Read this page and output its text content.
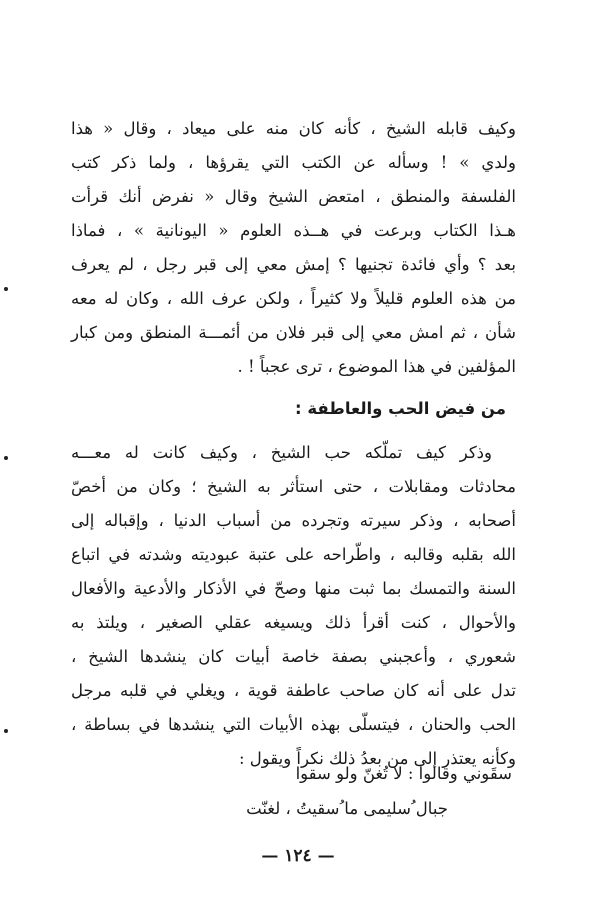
وكيف قابله الشيخ ، كأنه كان منه على ميعاد ، وقال « هذا
ولدي » ! وسأله عن الكتب التي يقرؤها ، ولما ذكر كتب
الفلسفة والمنطق ، امتعض الشيخ وقال « نفرض أنك قرأت
هـذا الكتاب وبرعت في هــذه العلوم « اليونانية » ، فماذا
بعد ؟ وأي فائدة تجنيها ؟ إمش معي إلى قبر رجل ، لم يعرف
من هذه العلوم قليلاً ولا كثيراً ، ولكن عرف الله ، وكان له معه
شأن ، ثم امش معي إلى قبر فلان من أئمـــة المنطق ومن كبار
المؤلفين في هذا الموضوع ، ترى عجباً ! .
من فيض الحب والعاطفة :
وذكر كيف تملّكه حب الشيخ ، وكيف كانت له معـــه
محادثات ومقابلات ، حتى استأثر به الشيخ ؛ وكان من أخصّ
أصحابه ، وذكر سيرته وتجرده من أسباب الدنيا ، وإقباله إلى
الله بقلبه وقالبه ، واطّراحه على عتبة عبوديته وشدته في اتباع
السنة والتمسك بما ثبت منها وصحّ في الأذكار والأدعية والأفعال
والأحوال ، كنت أقرأ ذلك ويسيغه عقلي الصغير ، ويلتذ به
شعوري ، وأعجبني بصفة خاصة أبيات كان ينشدها الشيخ ،
تدل على أنه كان صاحب عاطفة قوية ، ويغلي في قلبه مرجل
الحب والحنان ، فيتسلّى بهذه الأبيات التي ينشدها في بساطة ،
وكأنه يعتذر إلى من بعدُ ذلك نكراً ويقول :
سقَوني وقالوا : لا تُغنّ ولو سقوا
جبال ُسليمى ما ُسقيتُ ، لغنّت
— ١٢٤ —
